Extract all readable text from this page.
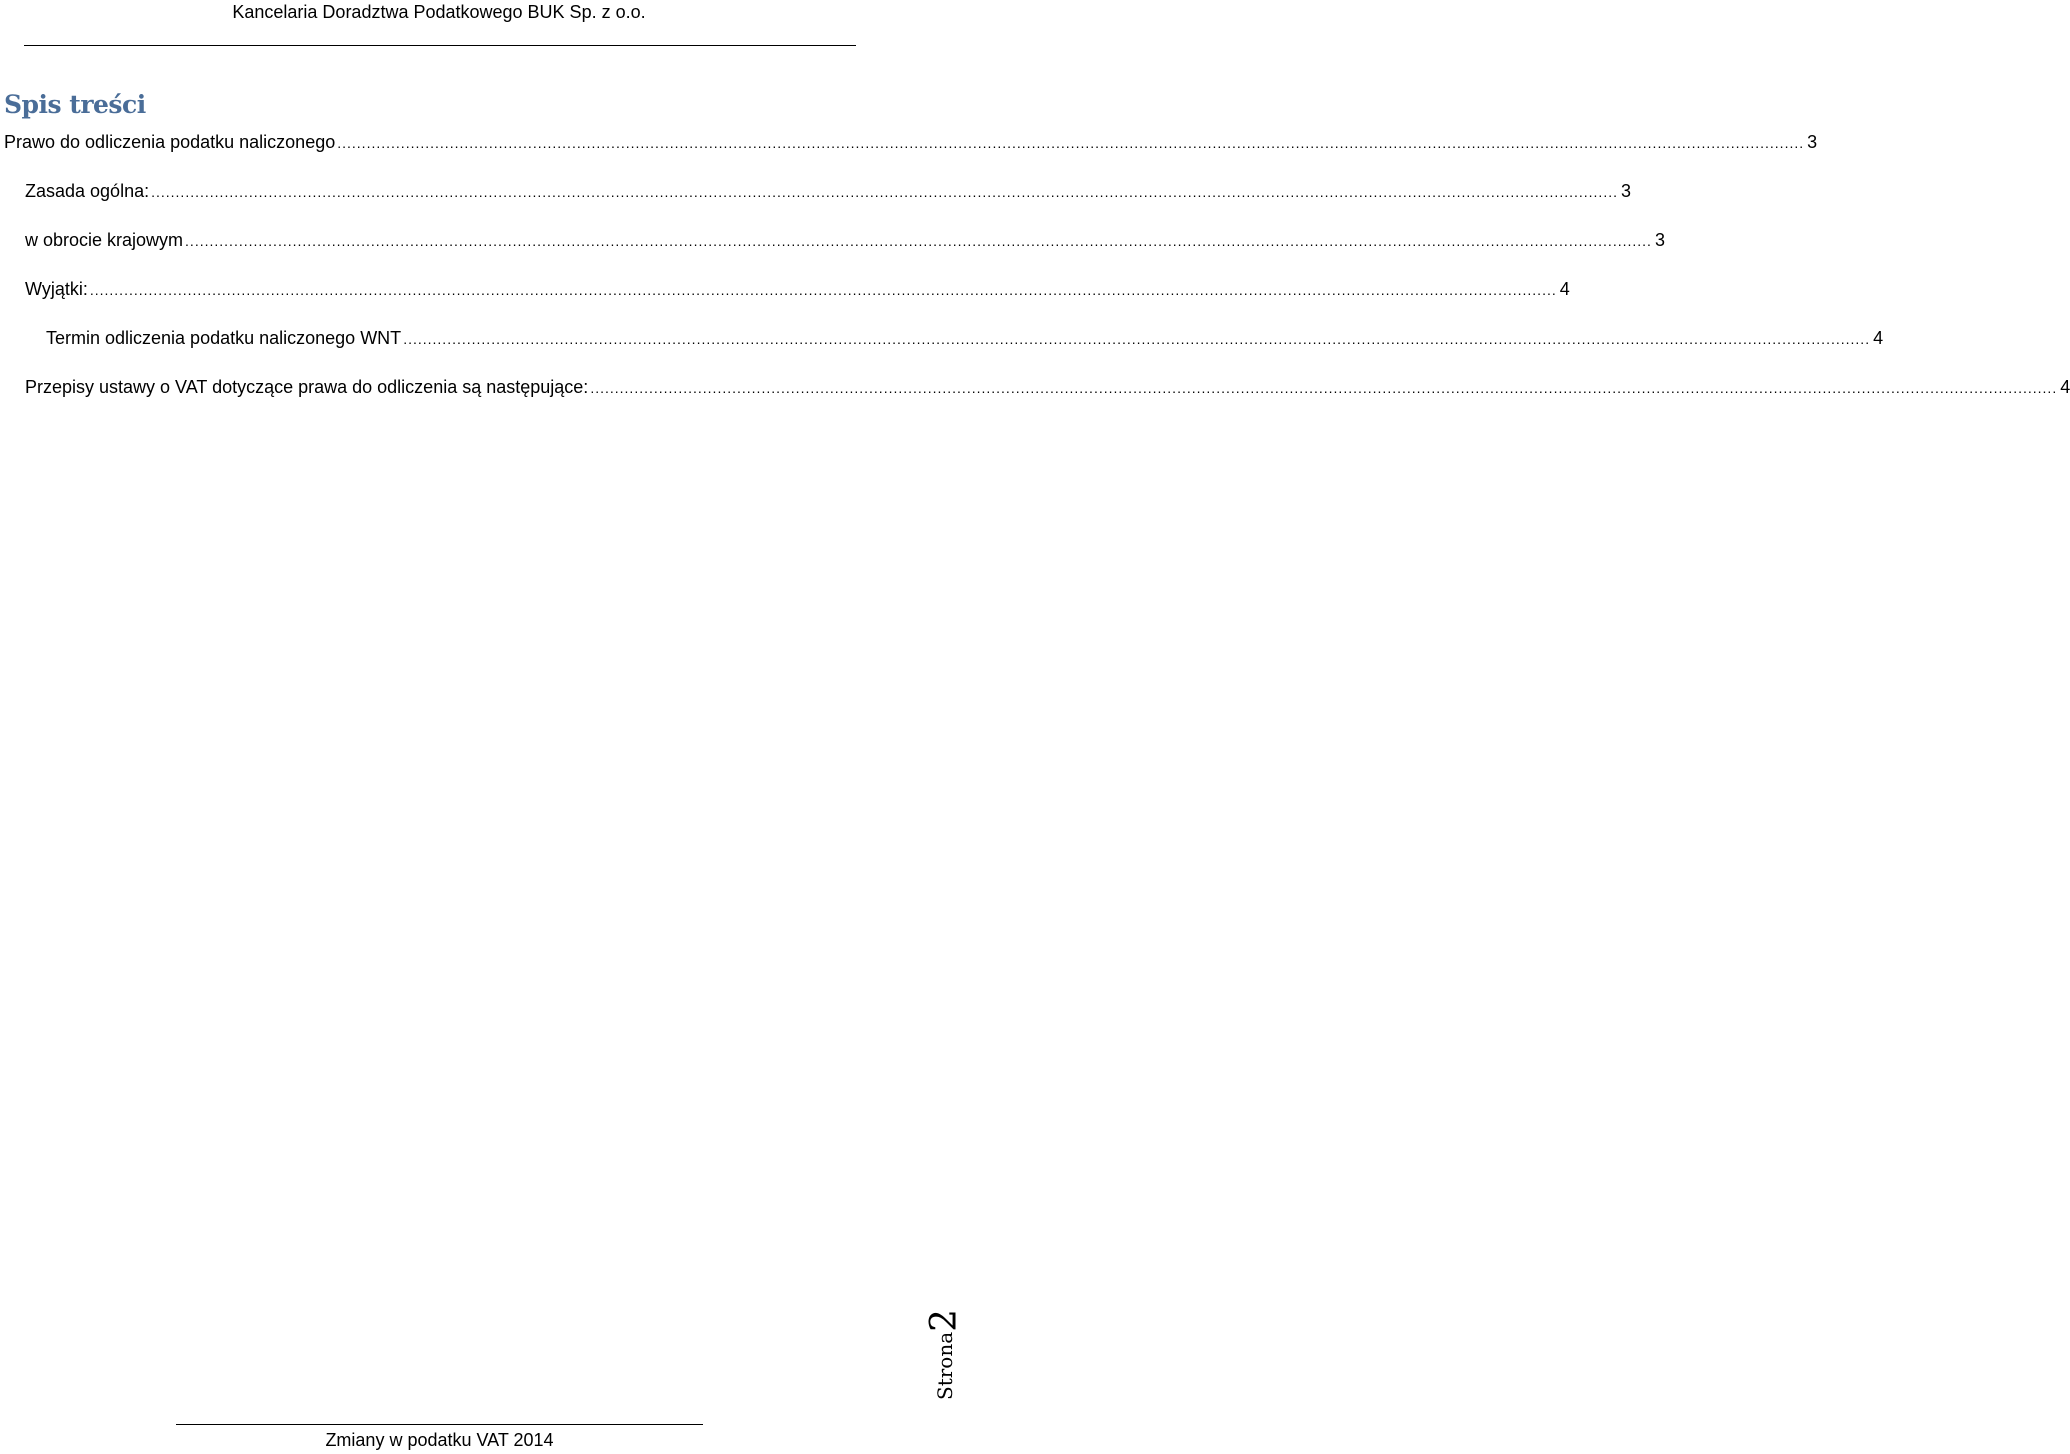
Kancelaria Doradztwa Podatkowego BUK Sp. z o.o.
Spis treści
Prawo do odliczenia podatku naliczonego ............................................................................................................................................................................................................................................................................................................ 3
Zasada ogólna: ............................................................................................................................................................................................................................................................................................................ 3
w obrocie krajowym ............................................................................................................................................................................................................................................................................................................ 3
Wyjątki: ............................................................................................................................................................................................................................................................................................................ 4
Termin odliczenia podatku naliczonego WNT ............................................................................................................................................................................................................................................................................................................ 4
Przepisy ustawy o VAT dotyczące prawa do odliczenia są następujące: ............................................................................................................................................................................................................................................................................................................ 4
Strona2
Zmiany w podatku VAT 2014
